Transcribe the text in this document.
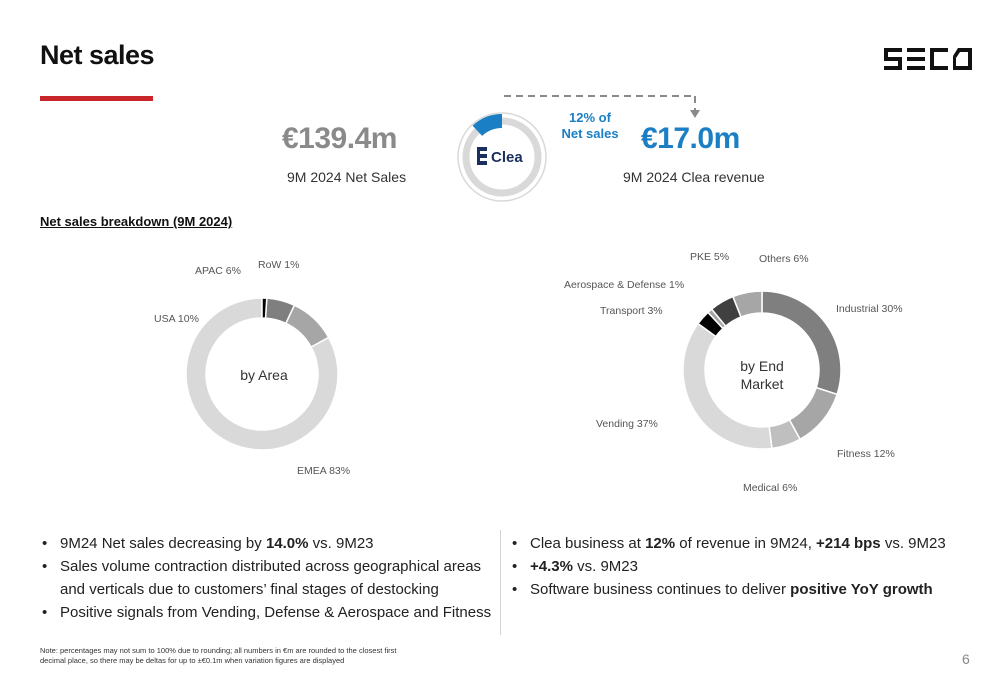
Net sales
€139.4m
9M 2024 Net Sales
€17.0m
9M 2024 Clea revenue
Clea
12% of
Net sales
Net sales breakdown (9M 2024)
EMEA 83%
USA 10%
APAC 6% RoW 1%
by Area
Industrial 30%
Fitness 12%
Medical 6%
Vending 37%
Transport 3%
Aerospace & Defense 1%
PKE 5%	Others 6%
by End Market
• 9M24 Net sales decreasing by 14.0% vs. 9M23
• Sales volume contraction distributed across geographical areas and verticals due to customers’ final stages of destocking
• Positive signals from Vending, Defense & Aerospace and Fitness
• Clea business at 12% of revenue in 9M24, +214 bps vs. 9M23
• +4.3% vs. 9M23
• Software business continues to deliver positive YoY growth
Note: percentages may not sum to 100% due to rounding; all numbers in €m are rounded to the closest first decimal place, so there may be deltas for up to ±€0.1m when variation figures are displayed	6
